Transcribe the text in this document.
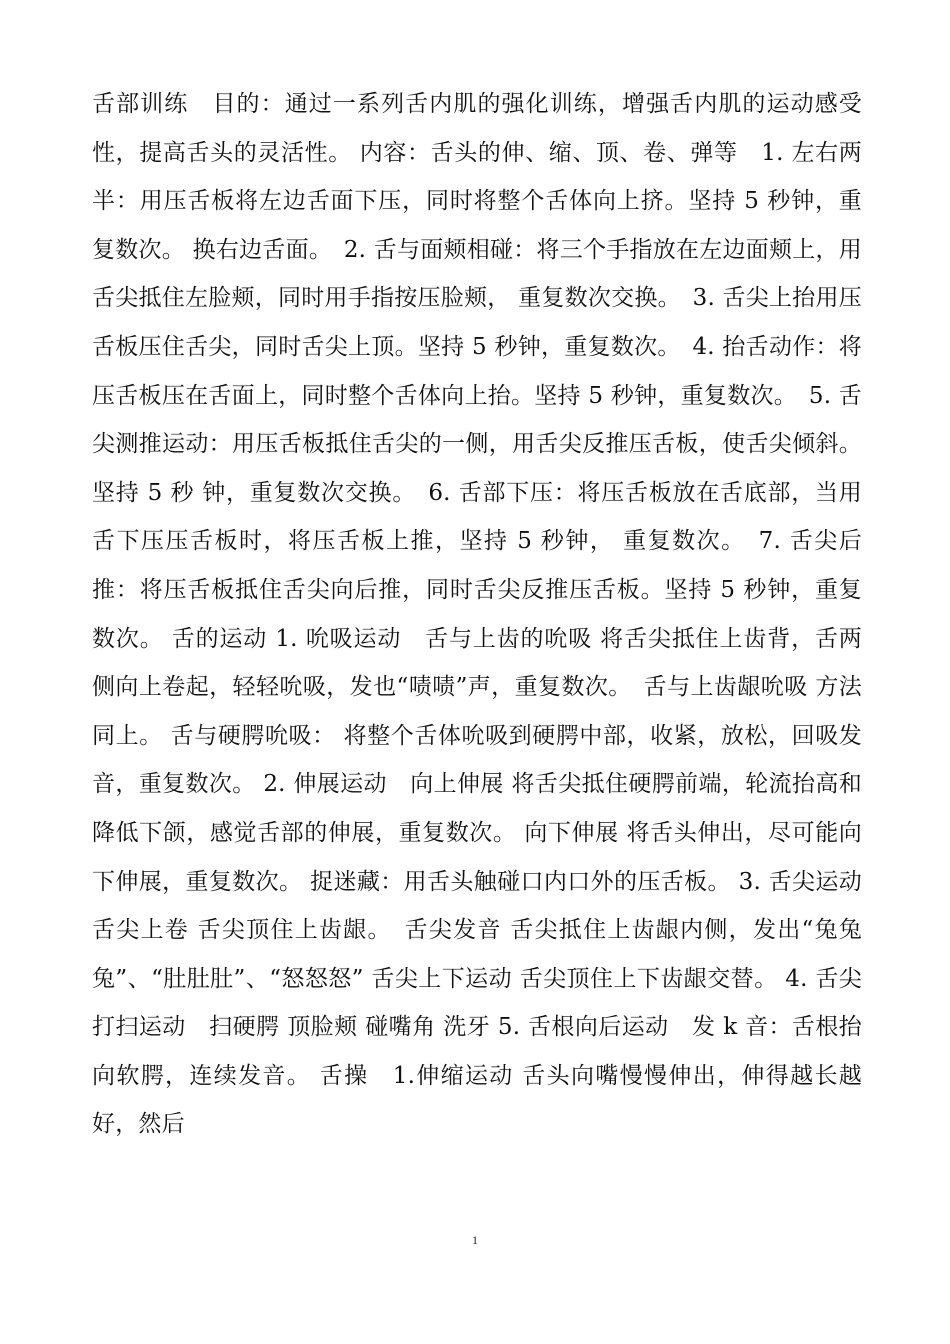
舌部训练　目的：通过一系列舌内肌的强化训练，增强舌内肌的运动感受性，提高舌头的灵活性。 内容：舌头的伸、缩、顶、卷、弹等　1. 左右两半：用压舌板将左边舌面下压，同时将整个舌体向上挤。坚持 5 秒钟，重复数次。 换右边舌面。　2. 舌与面颊相碰：将三个手指放在左边面颊上，用舌尖抵住左脸颊，同时用手指按压脸颊， 重复数次交换。　3. 舌尖上抬用压舌板压住舌尖，同时舌尖上顶。坚持 5 秒钟，重复数次。　4. 抬舌动作：将压舌板压在舌面上，同时整个舌体向上抬。坚持 5 秒钟，重复数次。　5. 舌尖测推运动：用压舌板抵住舌尖的一侧，用舌尖反推压舌板，使舌尖倾斜。坚持 5 秒 钟，重复数次交换。　6. 舌部下压：将压舌板放在舌底部，当用舌下压压舌板时，将压舌板上推，坚持 5 秒钟， 重复数次。　7. 舌尖后推：将压舌板抵住舌尖向后推，同时舌尖反推压舌板。坚持 5 秒钟，重复数次。 舌的运动 1. 吮吸运动　舌与上齿的吮吸 将舌尖抵住上齿背，舌两侧向上卷起，轻轻吮吸，发也“啧啧”声，重复数次。　舌与上齿龈吮吸 方法同上。 舌与硬腭吮吸： 将整个舌体吮吸到硬腭中部，收紧，放松，回吸发音，重复数次。 2. 伸展运动　向上伸展 将舌尖抵住硬腭前端，轮流抬高和降低下颌，感觉舌部的伸展，重复数次。 向下伸展 将舌头伸出，尽可能向下伸展，重复数次。 捉迷藏：用舌头触碰口内口外的压舌板。 3. 舌尖运动　舌尖上卷 舌尖顶住上齿龈。　舌尖发音 舌尖抵住上齿龈内侧，发出“兔兔兔”、“肚肚肚”、“怒怒怒” 舌尖上下运动 舌尖顶住上下齿龈交替。 4. 舌尖打扫运动　扫硬腭 顶脸颊 碰嘴角 洗牙 5. 舌根向后运动　发 k 音：舌根抬向软腭，连续发音。 舌操　1.伸缩运动 舌头向嘴慢慢伸出，伸得越长越好，然后
1
